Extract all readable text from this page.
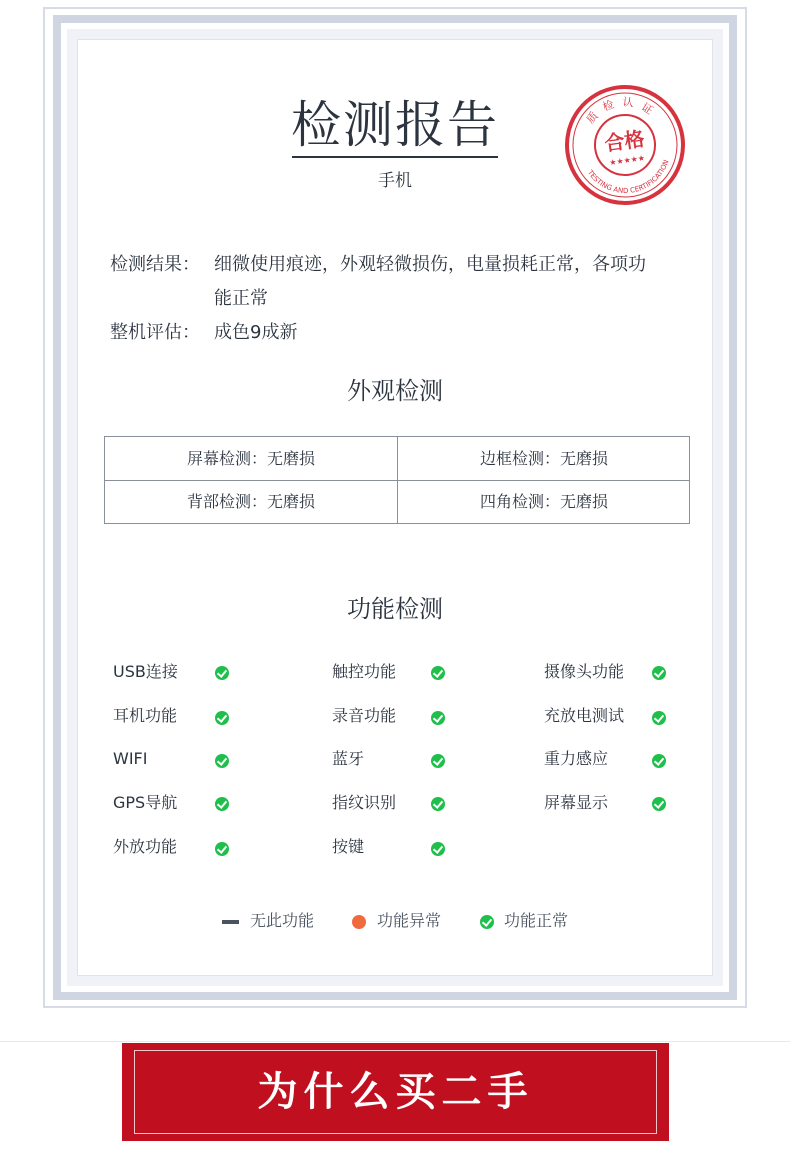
检测报告
手机
质 检 认 证
TESTING AND CERTIFICATION
合格
★★★★★
检测结果： 细微使用痕迹，外观轻微损伤，电量损耗正常，各项功能正常
整机评估： 成色9成新
外观检测
屏幕检测：无磨损	边框检测：无磨损
背部检测：无磨损	四角检测：无磨损
功能检测
USB连接	触控功能	摄像头功能
耳机功能	录音功能	充放电测试
WIFI	蓝牙	重力感应
GPS导航	指纹识别	屏幕显示
外放功能	按键
无此功能	功能异常	功能正常
为什么买二手
